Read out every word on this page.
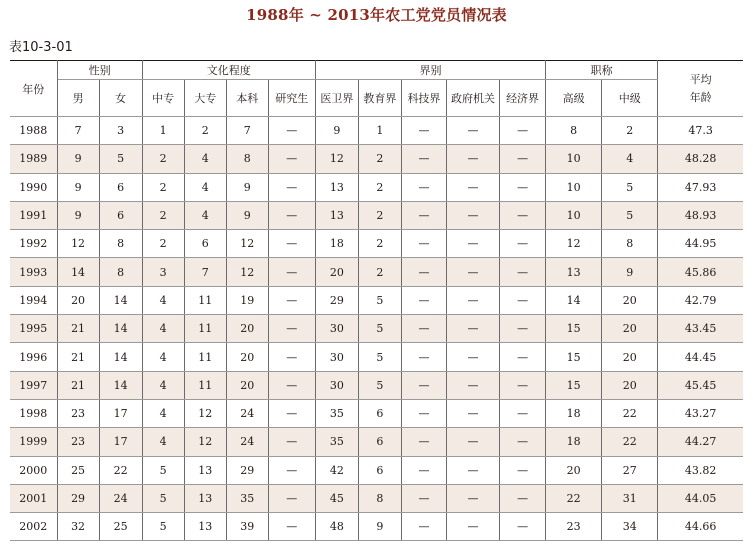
1988年 ~ 2013年农工党党员情况表
表10-3-01
年份	性别		文化程度				界别					职称		平均
年龄

	男	女	中专	大专	本科	研究生	医卫界	教育界	科技界	政府机关	经济界	高级	中级	
1988	7	3	1	2	7	—	9	1	—	—	—	8	2	47.3
1989	9	5	2	4	8	—	12	2	—	—	—	10	4	48.28
1990	9	6	2	4	9	—	13	2	—	—	—	10	5	47.93
1991	9	6	2	4	9	—	13	2	—	—	—	10	5	48.93
1992	12	8	2	6	12	—	18	2	—	—	—	12	8	44.95
1993	14	8	3	7	12	—	20	2	—	—	—	13	9	45.86
1994	20	14	4	11	19	—	29	5	—	—	—	14	20	42.79
1995	21	14	4	11	20	—	30	5	—	—	—	15	20	43.45
1996	21	14	4	11	20	—	30	5	—	—	—	15	20	44.45
1997	21	14	4	11	20	—	30	5	—	—	—	15	20	45.45
1998	23	17	4	12	24	—	35	6	—	—	—	18	22	43.27
1999	23	17	4	12	24	—	35	6	—	—	—	18	22	44.27
2000	25	22	5	13	29	—	42	6	—	—	—	20	27	43.82
2001	29	24	5	13	35	—	45	8	—	—	—	22	31	44.05
2002	32	25	5	13	39	—	48	9	—	—	—	23	34	44.66
